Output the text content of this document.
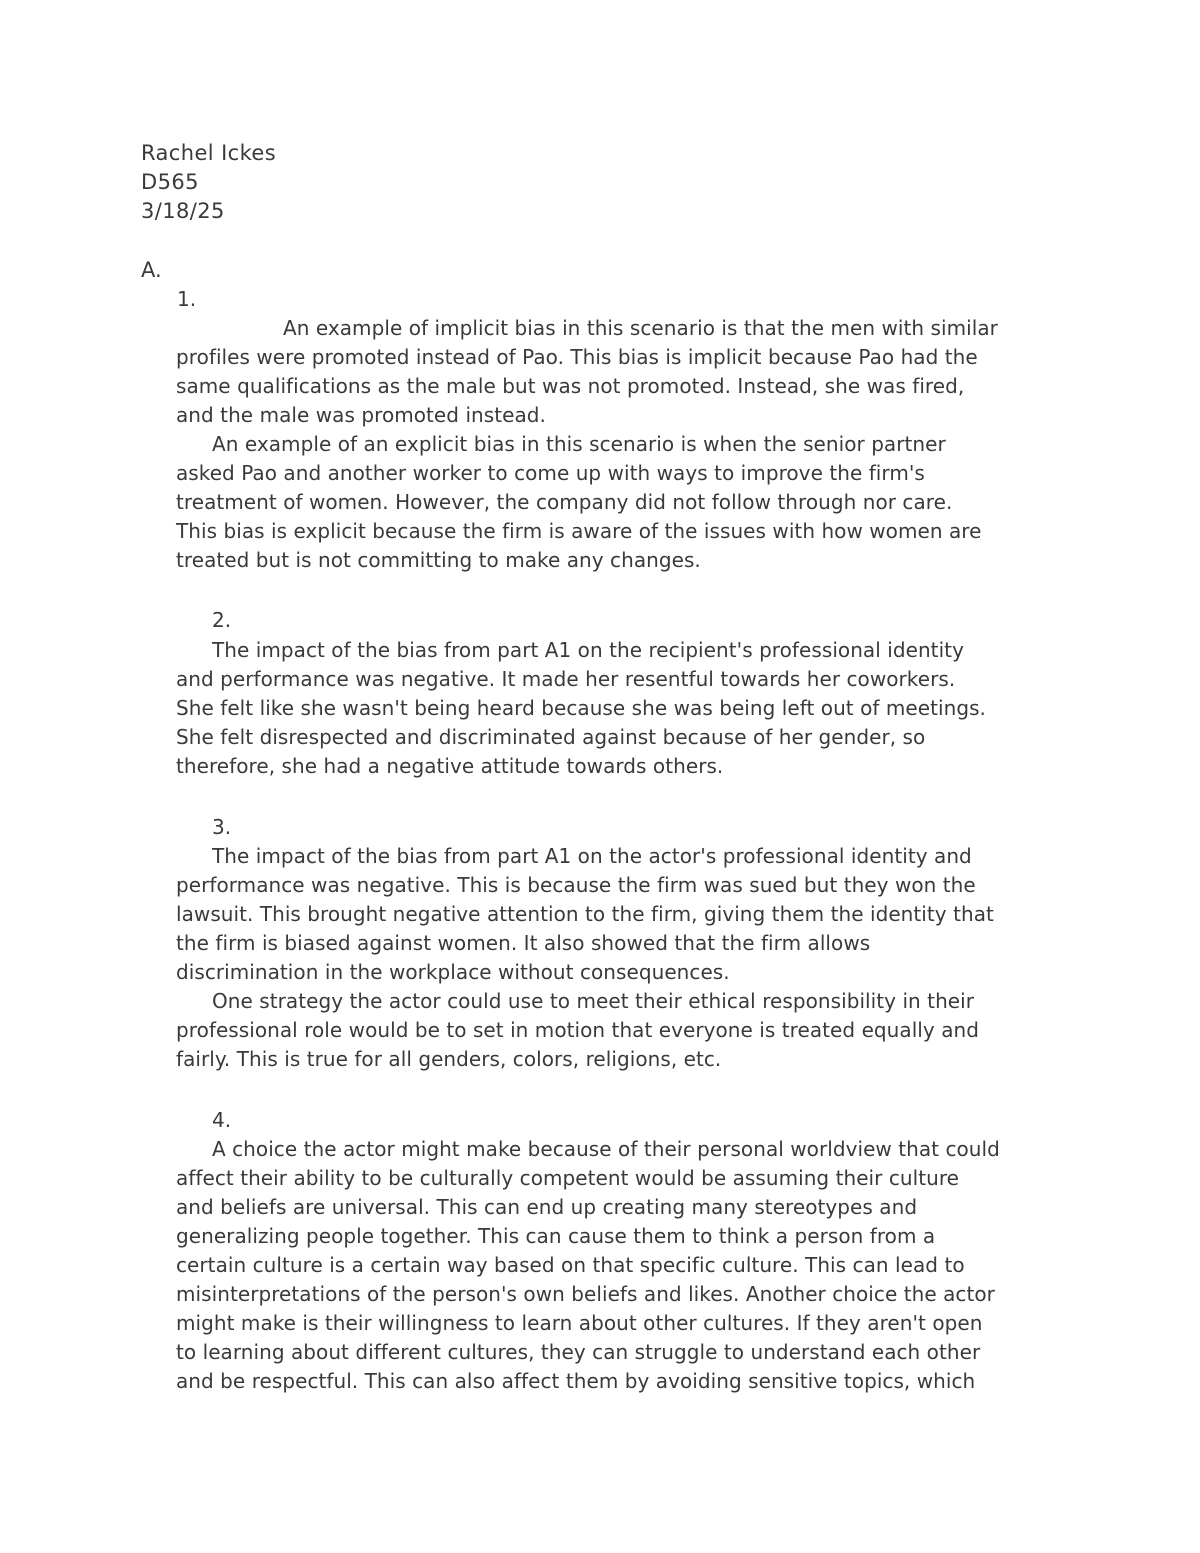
Rachel Ickes
D565
3/18/25
A.
1.
An example of implicit bias in this scenario is that the men with similar
profiles were promoted instead of Pao. This bias is implicit because Pao had the
same qualifications as the male but was not promoted. Instead, she was fired,
and the male was promoted instead.
An example of an explicit bias in this scenario is when the senior partner
asked Pao and another worker to come up with ways to improve the firm's
treatment of women. However, the company did not follow through nor care.
This bias is explicit because the firm is aware of the issues with how women are
treated but is not committing to make any changes.
2.
The impact of the bias from part A1 on the recipient's professional identity
and performance was negative. It made her resentful towards her coworkers.
She felt like she wasn't being heard because she was being left out of meetings.
She felt disrespected and discriminated against because of her gender, so
therefore, she had a negative attitude towards others.
3.
The impact of the bias from part A1 on the actor's professional identity and
performance was negative. This is because the firm was sued but they won the
lawsuit. This brought negative attention to the firm, giving them the identity that
the firm is biased against women. It also showed that the firm allows
discrimination in the workplace without consequences.
One strategy the actor could use to meet their ethical responsibility in their
professional role would be to set in motion that everyone is treated equally and
fairly. This is true for all genders, colors, religions, etc.
4.
A choice the actor might make because of their personal worldview that could
affect their ability to be culturally competent would be assuming their culture
and beliefs are universal. This can end up creating many stereotypes and
generalizing people together. This can cause them to think a person from a
certain culture is a certain way based on that specific culture. This can lead to
misinterpretations of the person's own beliefs and likes. Another choice the actor
might make is their willingness to learn about other cultures. If they aren't open
to learning about different cultures, they can struggle to understand each other
and be respectful. This can also affect them by avoiding sensitive topics, which
